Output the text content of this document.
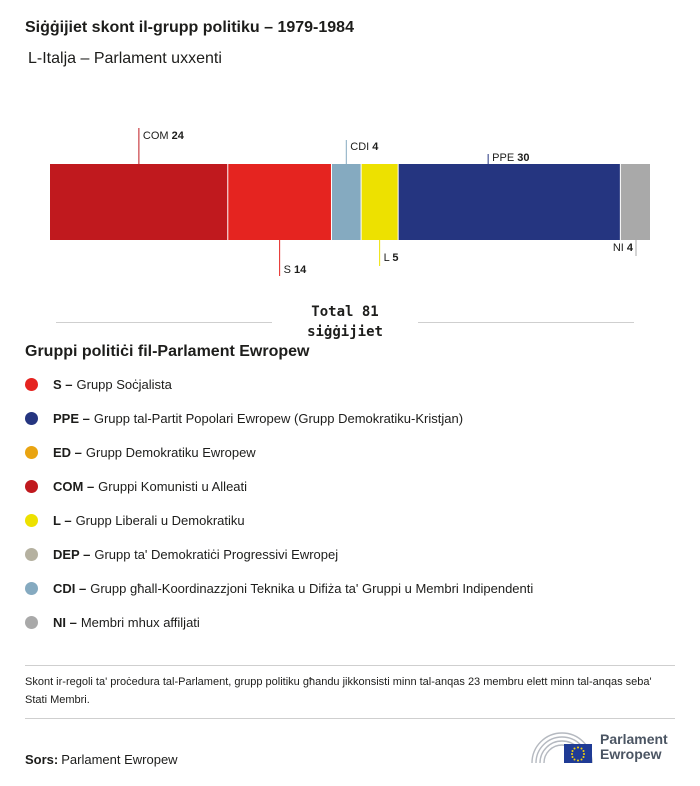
Siġġijiet skont il-grupp politiku – 1979-1984
L-Italja – Parlament uxxenti
COM 24
S 14
CDI 4
L 5
PPE 30
NI 4
Total 81
siġġijiet
Gruppi politiċi fil-Parlament Ewropew
S – Grupp Soċjalista
PPE – Grupp tal-Partit Popolari Ewropew (Grupp Demokratiku-Kristjan)
ED – Grupp Demokratiku Ewropew
COM – Gruppi Komunisti u Alleati
L – Grupp Liberali u Demokratiku
DEP – Grupp ta' Demokratiċi Progressivi Ewropej
CDI – Grupp għall-Koordinazzjoni Teknika u Difiża ta' Gruppi u Membri Indipendenti
NI – Membri mhux affiljati
Skont ir-regoli ta' proċedura tal-Parlament, grupp politiku għandu jikkonsisti minn tal-anqas 23 membru elett minn tal-anqas seba' Stati Membri.
Sors: Parlament Ewropew
Parlament
Ewropew
